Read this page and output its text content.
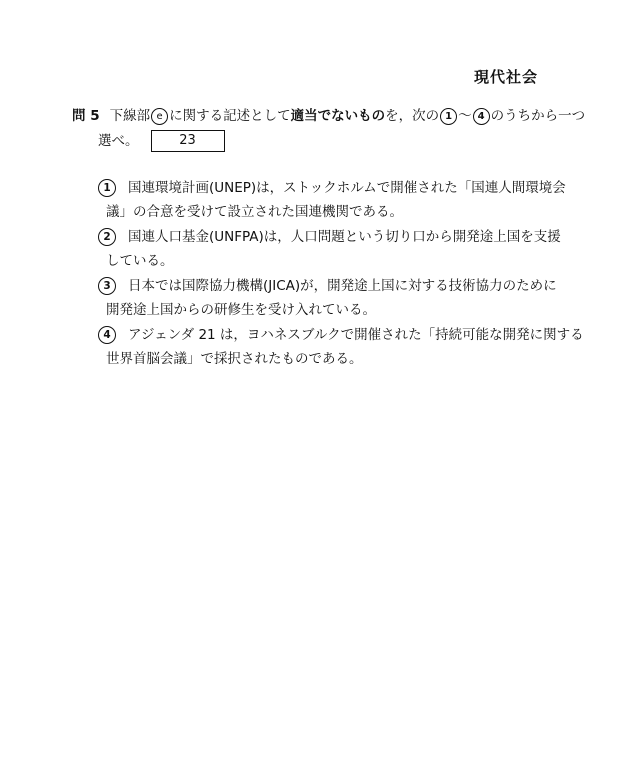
現代社会
問 5 下線部 e に関する記述として適当でないものを，次の 1 〜 4 のうちから一つ
選べ。	23
1 国連環境計画(UNEP)は，ストックホルムで開催された「国連人間環境会
議」の合意を受けて設立された国連機関である。
2 国連人口基金(UNFPA)は，人口問題という切り口から開発途上国を支援
している。
3 日本では国際協力機構(JICA)が，開発途上国に対する技術協力のために
開発途上国からの研修生を受け入れている。
4 アジェンダ 21 は，ヨハネスブルクで開催された「持続可能な開発に関する
世界首脳会議」で採択されたものである。
